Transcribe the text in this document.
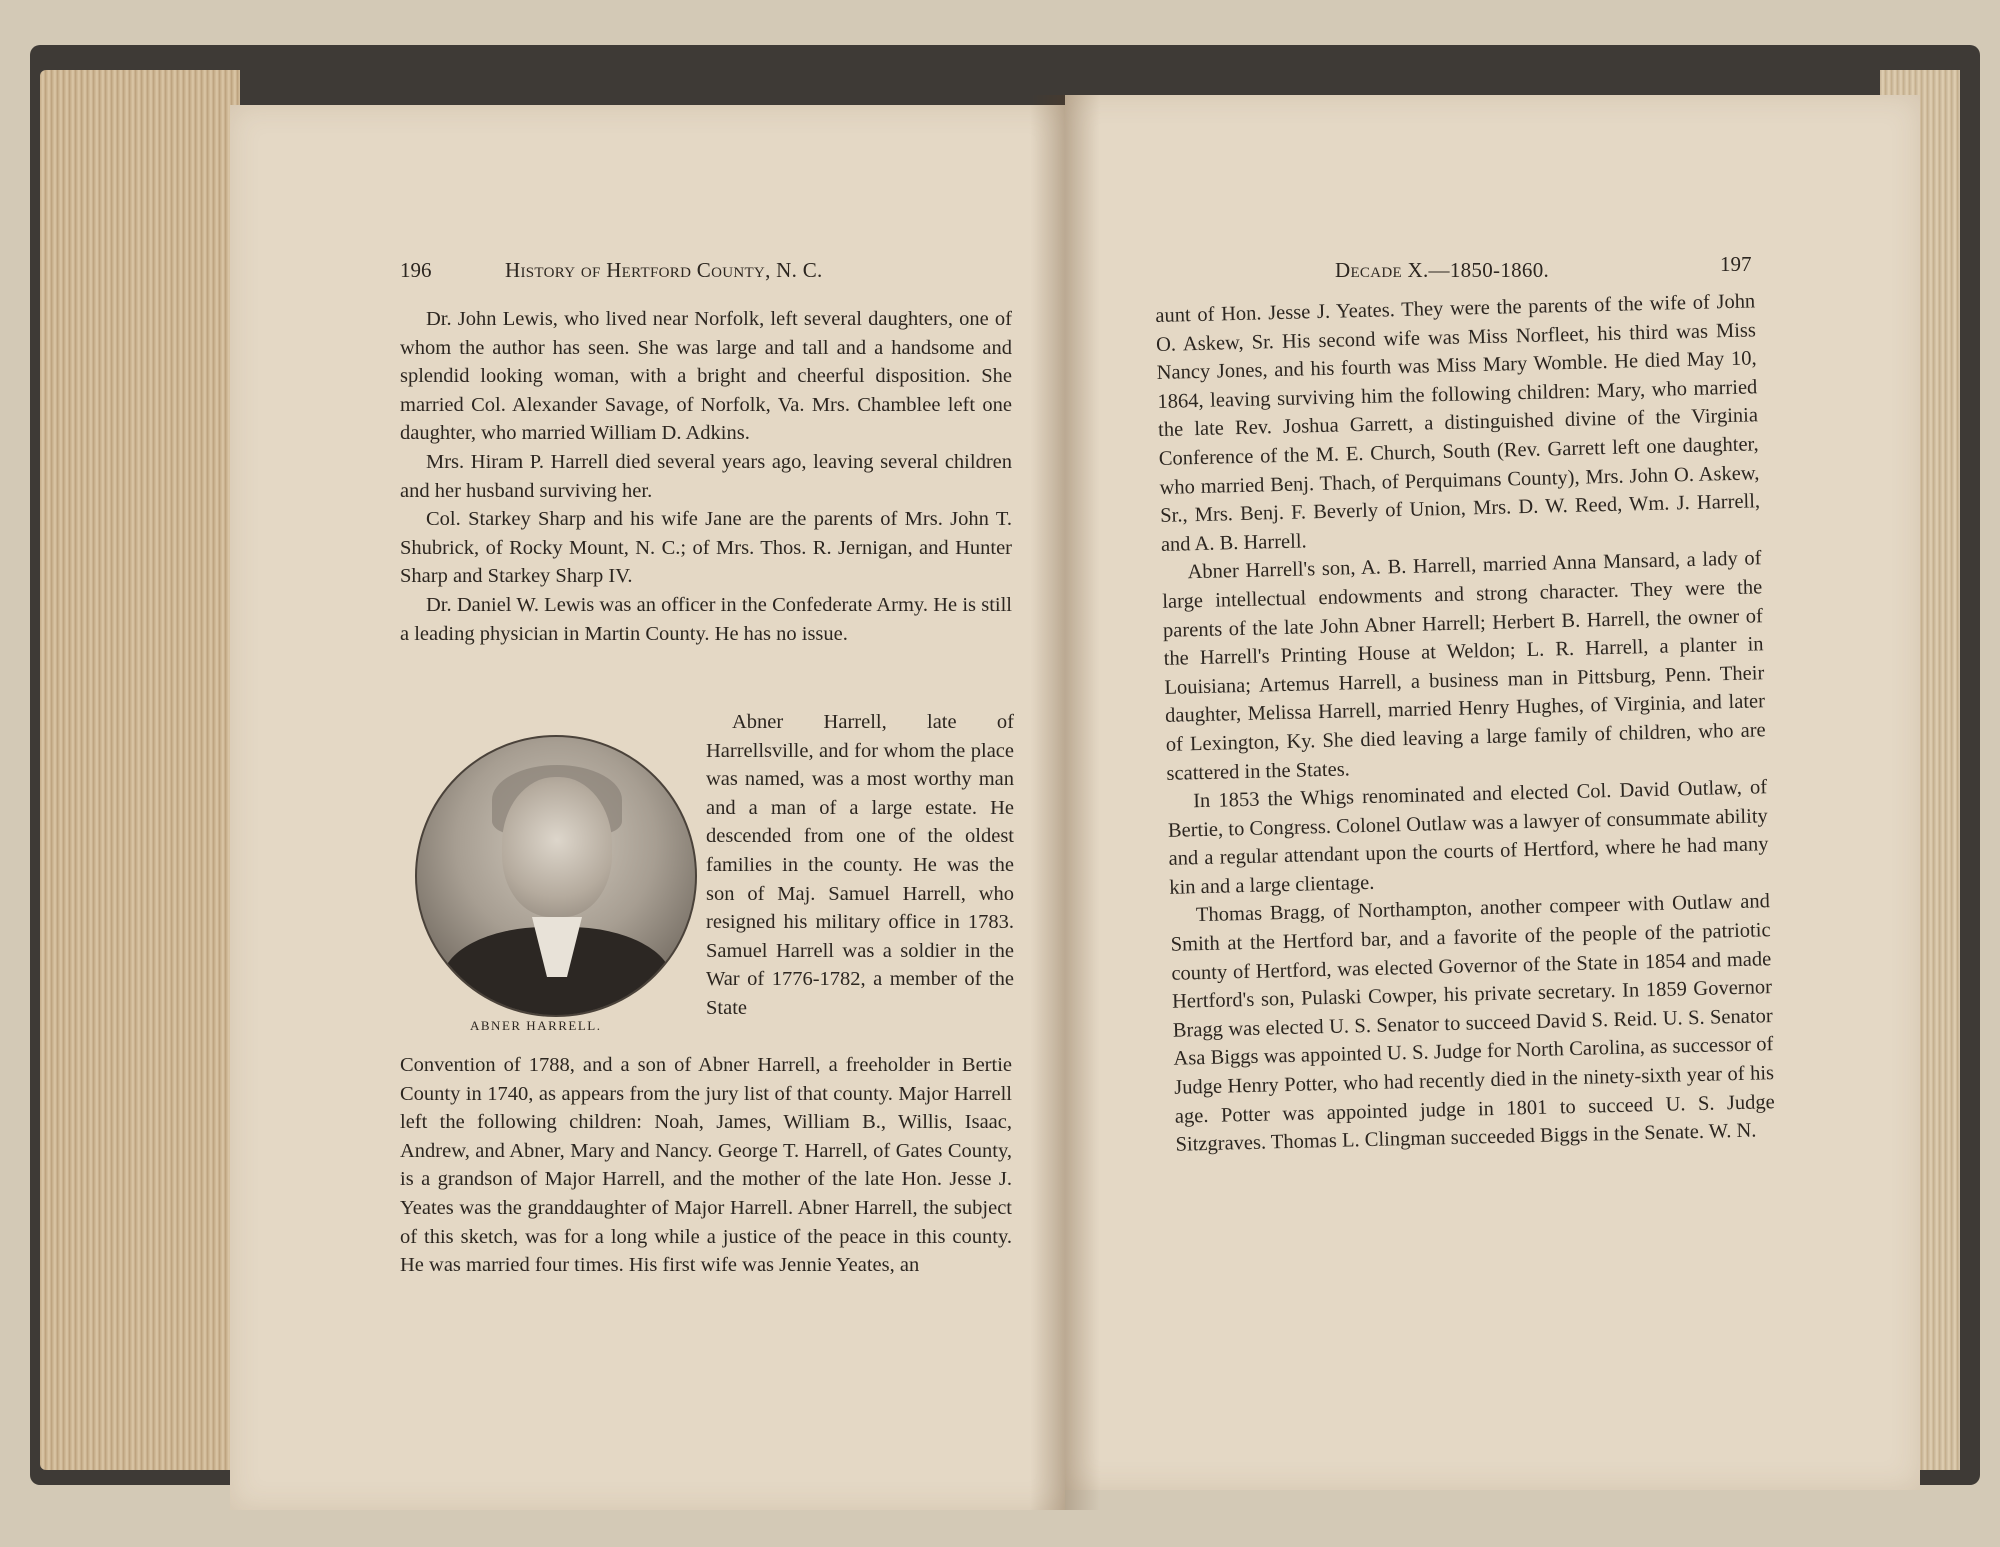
196	History of Hertford County, N. C.

Dr. John Lewis, who lived near Norfolk, left several daughters, one of whom the author has seen. She was large and tall and a handsome and splendid looking woman, with a bright and cheerful disposition. She married Col. Alexander Savage, of Norfolk, Va. Mrs. Chamblee left one daughter, who married William D. Adkins.

Mrs. Hiram P. Harrell died several years ago, leaving several children and her husband surviving her.

Col. Starkey Sharp and his wife Jane are the parents of Mrs. John T. Shubrick, of Rocky Mount, N. C.; of Mrs. Thos. R. Jernigan, and Hunter Sharp and Starkey Sharp IV.

Dr. Daniel W. Lewis was an officer in the Confederate Army. He is still a leading physician in Martin County. He has no issue.

ABNER HARRELL.

Abner Harrell, late of Harrellsville, and for whom the place was named, was a most worthy man and a man of a large estate. He descended from one of the oldest families in the county. He was the son of Maj. Samuel Harrell, who resigned his military office in 1783. Samuel Harrell was a soldier in the War of 1776-1782, a member of the State

Convention of 1788, and a son of Abner Harrell, a freeholder in Bertie County in 1740, as appears from the jury list of that county. Major Harrell left the following children: Noah, James, William B., Willis, Isaac, Andrew, and Abner, Mary and Nancy. George T. Harrell, of Gates County, is a grandson of Major Harrell, and the mother of the late Hon. Jesse J. Yeates was the granddaughter of Major Harrell. Abner Harrell, the subject of this sketch, was for a long while a justice of the peace in this county. He was married four times. His first wife was Jennie Yeates, an

Decade X.—1850-1860.	197

aunt of Hon. Jesse J. Yeates. They were the parents of the wife of John O. Askew, Sr. His second wife was Miss Norfleet, his third was Miss Nancy Jones, and his fourth was Miss Mary Womble. He died May 10, 1864, leaving surviving him the following children: Mary, who married the late Rev. Joshua Garrett, a distinguished divine of the Virginia Conference of the M. E. Church, South (Rev. Garrett left one daughter, who married Benj. Thach, of Perquimans County), Mrs. John O. Askew, Sr., Mrs. Benj. F. Beverly of Union, Mrs. D. W. Reed, Wm. J. Harrell, and A. B. Harrell.

Abner Harrell's son, A. B. Harrell, married Anna Mansard, a lady of large intellectual endowments and strong character. They were the parents of the late John Abner Harrell; Herbert B. Harrell, the owner of the Harrell's Printing House at Weldon; L. R. Harrell, a planter in Louisiana; Artemus Harrell, a business man in Pittsburg, Penn. Their daughter, Melissa Harrell, married Henry Hughes, of Virginia, and later of Lexington, Ky. She died leaving a large family of children, who are scattered in the States.

In 1853 the Whigs renominated and elected Col. David Outlaw, of Bertie, to Congress. Colonel Outlaw was a lawyer of consummate ability and a regular attendant upon the courts of Hertford, where he had many kin and a large clientage.

Thomas Bragg, of Northampton, another compeer with Outlaw and Smith at the Hertford bar, and a favorite of the people of the patriotic county of Hertford, was elected Governor of the State in 1854 and made Hertford's son, Pulaski Cowper, his private secretary. In 1859 Governor Bragg was elected U. S. Senator to succeed David S. Reid. U. S. Senator Asa Biggs was appointed U. S. Judge for North Carolina, as successor of Judge Henry Potter, who had recently died in the ninety-sixth year of his age. Potter was appointed judge in 1801 to succeed U. S. Judge Sitzgraves. Thomas L. Clingman succeeded Biggs in the Senate. W. N.
